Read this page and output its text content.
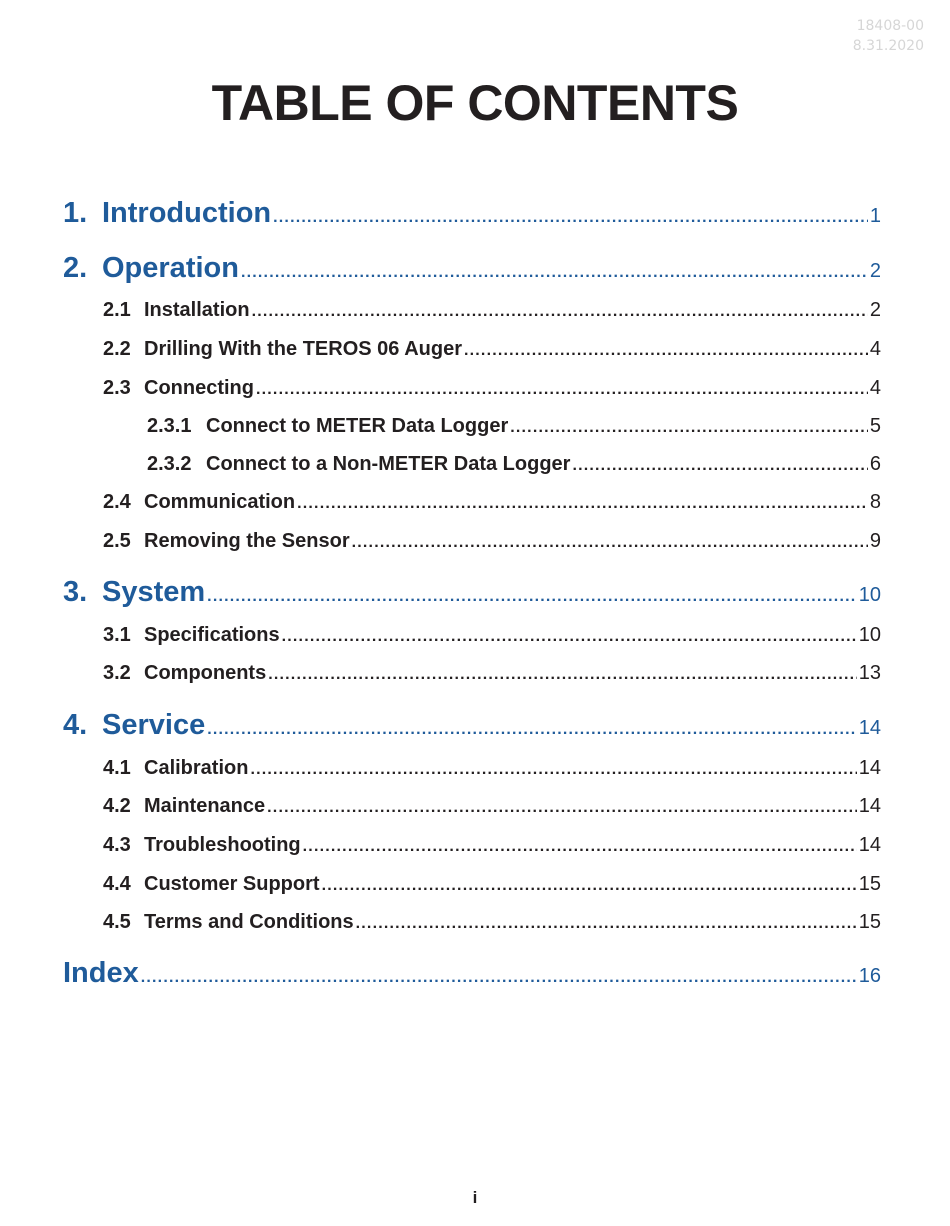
18408-00
8.31.2020
TABLE OF CONTENTS
1. Introduction .....	1
2. Operation .....	2
2.1 Installation .....	2
2.2 Drilling With the TEROS 06 Auger .....	4
2.3 Connecting .....	4
2.3.1 Connect to METER Data Logger .....	5
2.3.2 Connect to a Non-METER Data Logger .....	6
2.4 Communication .....	8
2.5 Removing the Sensor .....	9
3. System .....	10
3.1 Specifications .....	10
3.2 Components .....	13
4. Service .....	14
4.1 Calibration .....	14
4.2 Maintenance .....	14
4.3 Troubleshooting .....	14
4.4 Customer Support .....	15
4.5 Terms and Conditions .....	15
Index .....	16
i
